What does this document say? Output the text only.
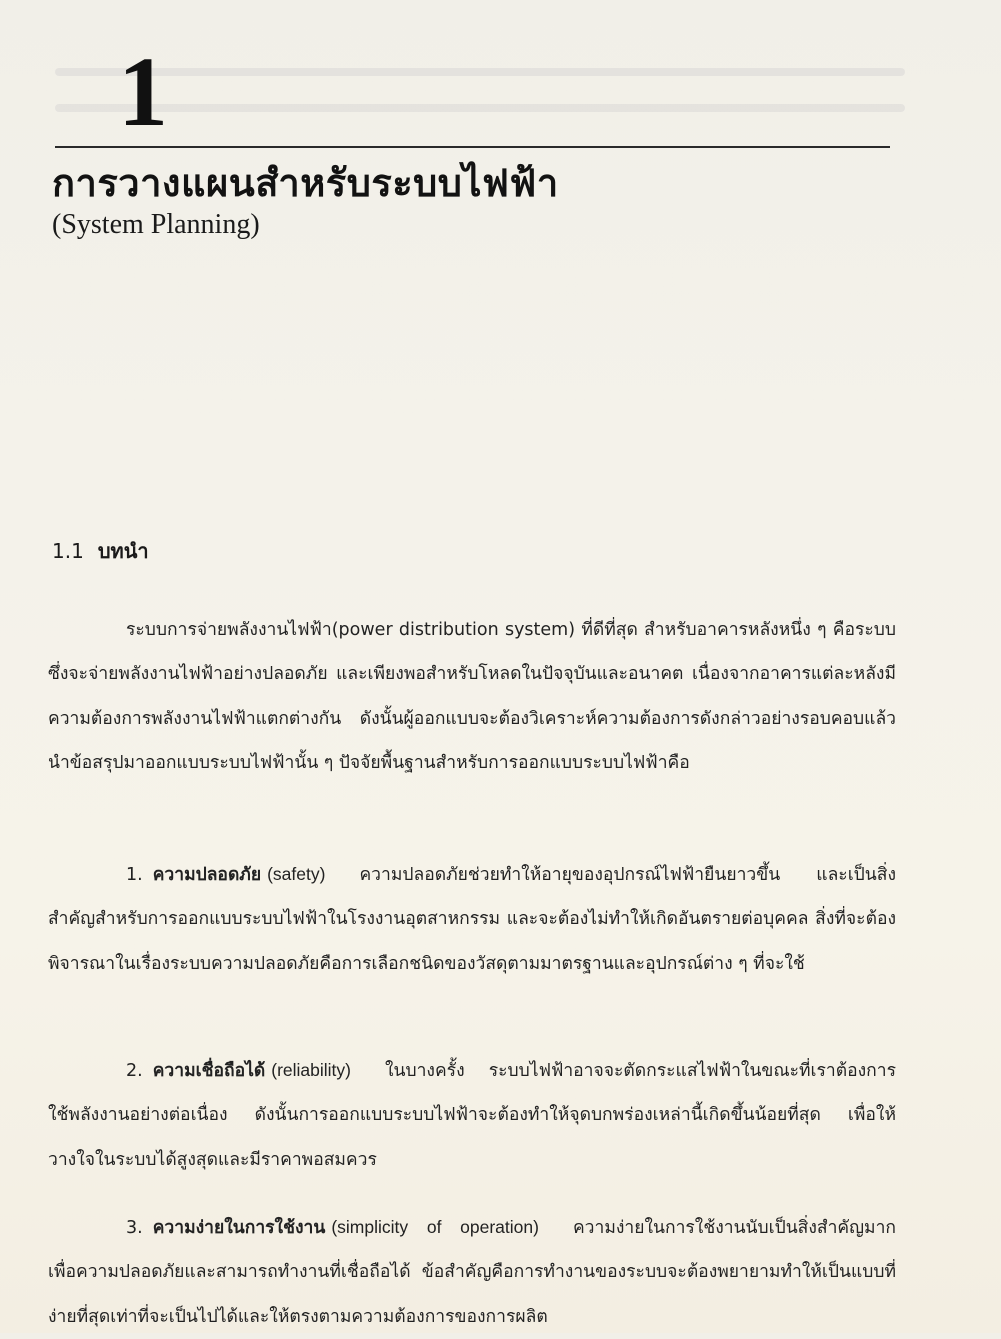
1
การวางแผนสำหรับระบบไฟฟ้า
(System Planning)
1.1 บทนำ

ระบบการจ่ายพลังงานไฟฟ้า(power distribution system) ที่ดีที่สุด สำหรับอาคารหลังหนึ่ง ๆ คือระบบซึ่งจะจ่ายพลังงานไฟฟ้าอย่างปลอดภัย และเพียงพอสำหรับโหลดในปัจจุบันและอนาคต เนื่องจากอาคารแต่ละหลังมีความต้องการพลังงานไฟฟ้าแตกต่างกัน ดังนั้นผู้ออกแบบจะต้องวิเคราะห์ความต้องการดังกล่าวอย่างรอบคอบแล้วนำข้อสรุปมาออกแบบระบบไฟฟ้านั้น ๆ ปัจจัยพื้นฐานสำหรับการออกแบบระบบไฟฟ้าคือ

1. ความปลอดภัย (safety) ความปลอดภัยช่วยทำให้อายุของอุปกรณ์ไฟฟ้ายืนยาวขึ้น และเป็นสิ่งสำคัญสำหรับการออกแบบระบบไฟฟ้าในโรงงานอุตสาหกรรม และจะต้องไม่ทำให้เกิดอันตรายต่อบุคคล สิ่งที่จะต้องพิจารณาในเรื่องระบบความปลอดภัยคือการเลือกชนิดของวัสดุตามมาตรฐานและอุปกรณ์ต่าง ๆ ที่จะใช้

2. ความเชื่อถือได้ (reliability) ในบางครั้ง ระบบไฟฟ้าอาจจะตัดกระแสไฟฟ้าในขณะที่เราต้องการใช้พลังงานอย่างต่อเนื่อง ดังนั้นการออกแบบระบบไฟฟ้าจะต้องทำให้จุดบกพร่องเหล่านี้เกิดขึ้นน้อยที่สุด เพื่อให้วางใจในระบบได้สูงสุดและมีราคาพอสมควร

3. ความง่ายในการใช้งาน (simplicity of operation) ความง่ายในการใช้งานนับเป็นสิ่งสำคัญมากเพื่อความปลอดภัยและสามารถทำงานที่เชื่อถือได้ ข้อสำคัญคือการทำงานของระบบจะต้องพยายามทำให้เป็นแบบที่ง่ายที่สุดเท่าที่จะเป็นไปได้และให้ตรงตามความต้องการของการผลิต
